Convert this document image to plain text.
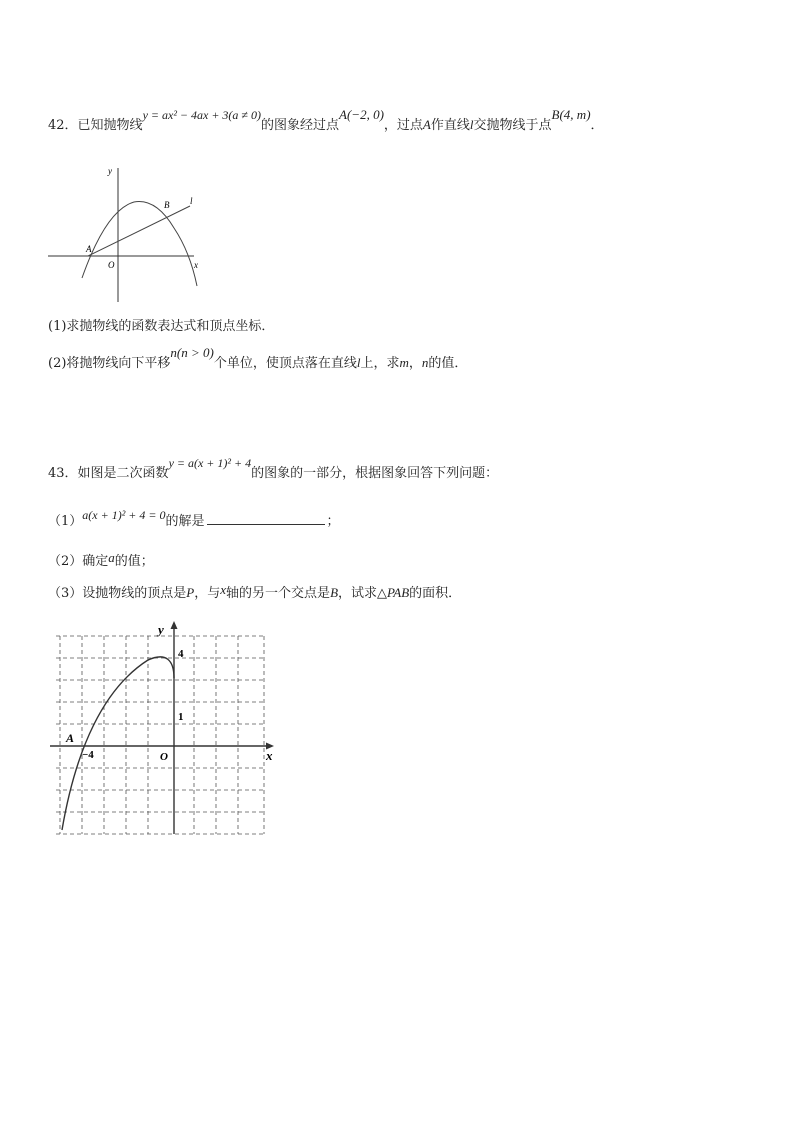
42．已知抛物线y = ax² − 4ax + 3(a ≠ 0)的图象经过点A(−2, 0)，过点A作直线l交抛物线于点B(4, m)．
y
x
A
O
B l
(1)求抛物线的函数表达式和顶点坐标．
(2)将抛物线向下平移n(n > 0)个单位，使顶点落在直线l上，求m，n的值．
43．如图是二次函数y = a(x + 1)² + 4的图象的一部分，根据图象回答下列问题：
（1）a(x + 1)² + 4 = 0的解是	；
（2）确定a的值；
（3）设抛物线的顶点是P，与x轴的另一个交点是B，试求△PAB的面积．
y
x
4
1
−4	O
A
